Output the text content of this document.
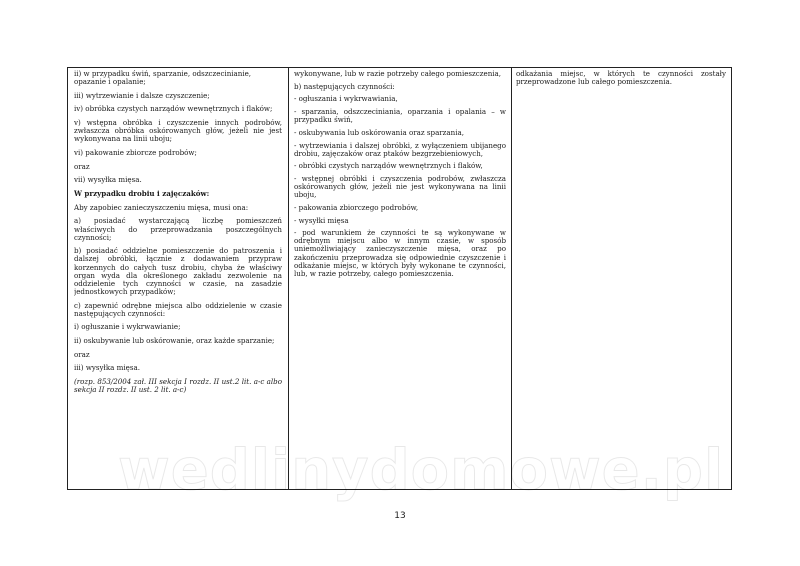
ii) w przypadku świń, sparzanie, odszczecinianie,
opazanie i opalanie;

iii) wytrzewianie i dalsze czyszczenie;

iv) obróbka czystych narządów wewnętrznych i flaków;

v) wstępna obróbka i czyszczenie innych podrobów, zwłaszcza obróbka oskórowanych głów, jeżeli nie jest wykonywana na linii uboju;

vi) pakowanie zbiorcze podrobów;

oraz

vii) wysyłka mięsa.

W przypadku drobiu i zajęczaków:

Aby zapobiec zanieczyszczeniu mięsa, musi ona:

a) posiadać wystarczającą liczbę pomieszczeń właściwych do przeprowadzania poszczególnych czynności;

b) posiadać oddzielne pomieszczenie do patroszenia i dalszej obróbki, łącznie z dodawaniem przypraw korzennych do całych tusz drobiu, chyba że właściwy organ wyda dla określonego zakładu zezwolenie na oddzielenie tych czynności w czasie, na zasadzie jednostkowych przypadków;

c) zapewnić odrębne miejsca albo oddzielenie w czasie następujących czynności:

i) ogłuszanie i wykrwawianie;

ii) oskubywanie lub oskórowanie, oraz każde sparzanie;

oraz

iii) wysyłka mięsa.

(rozp. 853/2004 zał. III sekcja I rozdz. II ust.2 lit. a-c albo sekcja II rozdz. II ust. 2 lit. a-c)

wykonywane, lub w razie potrzeby całego pomieszczenia,

b) następujących czynności:

- ogłuszania i wykrwawiania,

- sparzania, odszczeciniania, oparzania i opalania – w przypadku świń,

- oskubywania lub oskórowania oraz sparzania,

- wytrzewiania i dalszej obróbki, z wyłączeniem ubijanego drobiu, zajęczaków oraz ptaków bezgrzebieniowych,

- obróbki czystych narządów wewnętrznych i flaków,

- wstępnej obróbki i czyszczenia podrobów, zwłaszcza oskórowanych głów, jeżeli nie jest wykonywana na linii uboju,

- pakowania zbiorczego podrobów,

- wysyłki mięsa

- pod warunkiem że czynności te są wykonywane w odrębnym miejscu albo w innym czasie, w sposób uniemożliwiający zanieczyszczenie mięsa, oraz po zakończeniu przeprowadza się odpowiednie czyszczenie i odkażanie miejsc, w których były wykonane te czynności, lub, w razie potrzeby, całego pomieszczenia.

odkażania miejsc, w których te czynności zostały przeprowadzone lub całego pomieszczenia.

wedlinydomowe.pl
13
